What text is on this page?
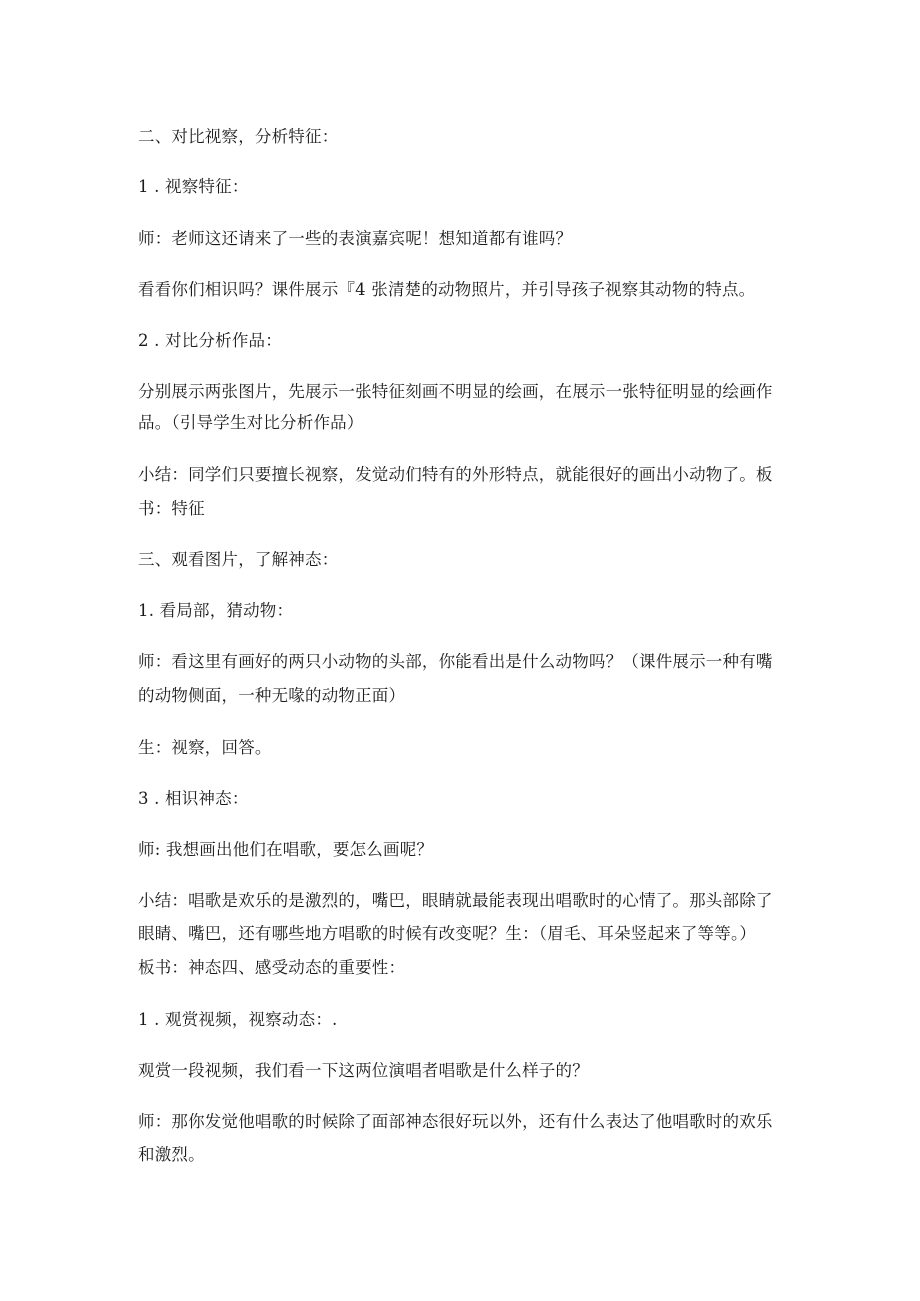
二、对比视察，分析特征：
1 . 视察特征：
师：老师这还请来了一些的表演嘉宾呢！想知道都有谁吗？
看看你们相识吗？课件展示『4 张清楚的动物照片，并引导孩子视察其动物的特点。
2 . 对比分析作品：
分别展示两张图片，先展示一张特征刻画不明显的绘画，在展示一张特征明显的绘画作
品。（引导学生对比分析作品）
小结：同学们只要擅长视察，发觉动们特有的外形特点，就能很好的画出小动物了。板
书：特征
三、观看图片，了解神态：
1. 看局部，猜动物：
师：看这里有画好的两只小动物的头部，你能看出是什么动物吗？（课件展示一种有嘴
的动物侧面，一种无喙的动物正面）
生：视察，回答。
3 . 相识神态：
师: 我想画出他们在唱歌，要怎么画呢？
小结：唱歌是欢乐的是激烈的，嘴巴，眼睛就最能表现出唱歌时的心情了。那头部除了
眼睛、嘴巴，还有哪些地方唱歌的时候有改变呢？生：（眉毛、耳朵竖起来了等等。）
板书：神态四、感受动态的重要性：
1 . 观赏视频，视察动态：.
观赏一段视频，我们看一下这两位演唱者唱歌是什么样子的？
师：那你发觉他唱歌的时候除了面部神态很好玩以外，还有什么表达了他唱歌时的欢乐
和激烈。
